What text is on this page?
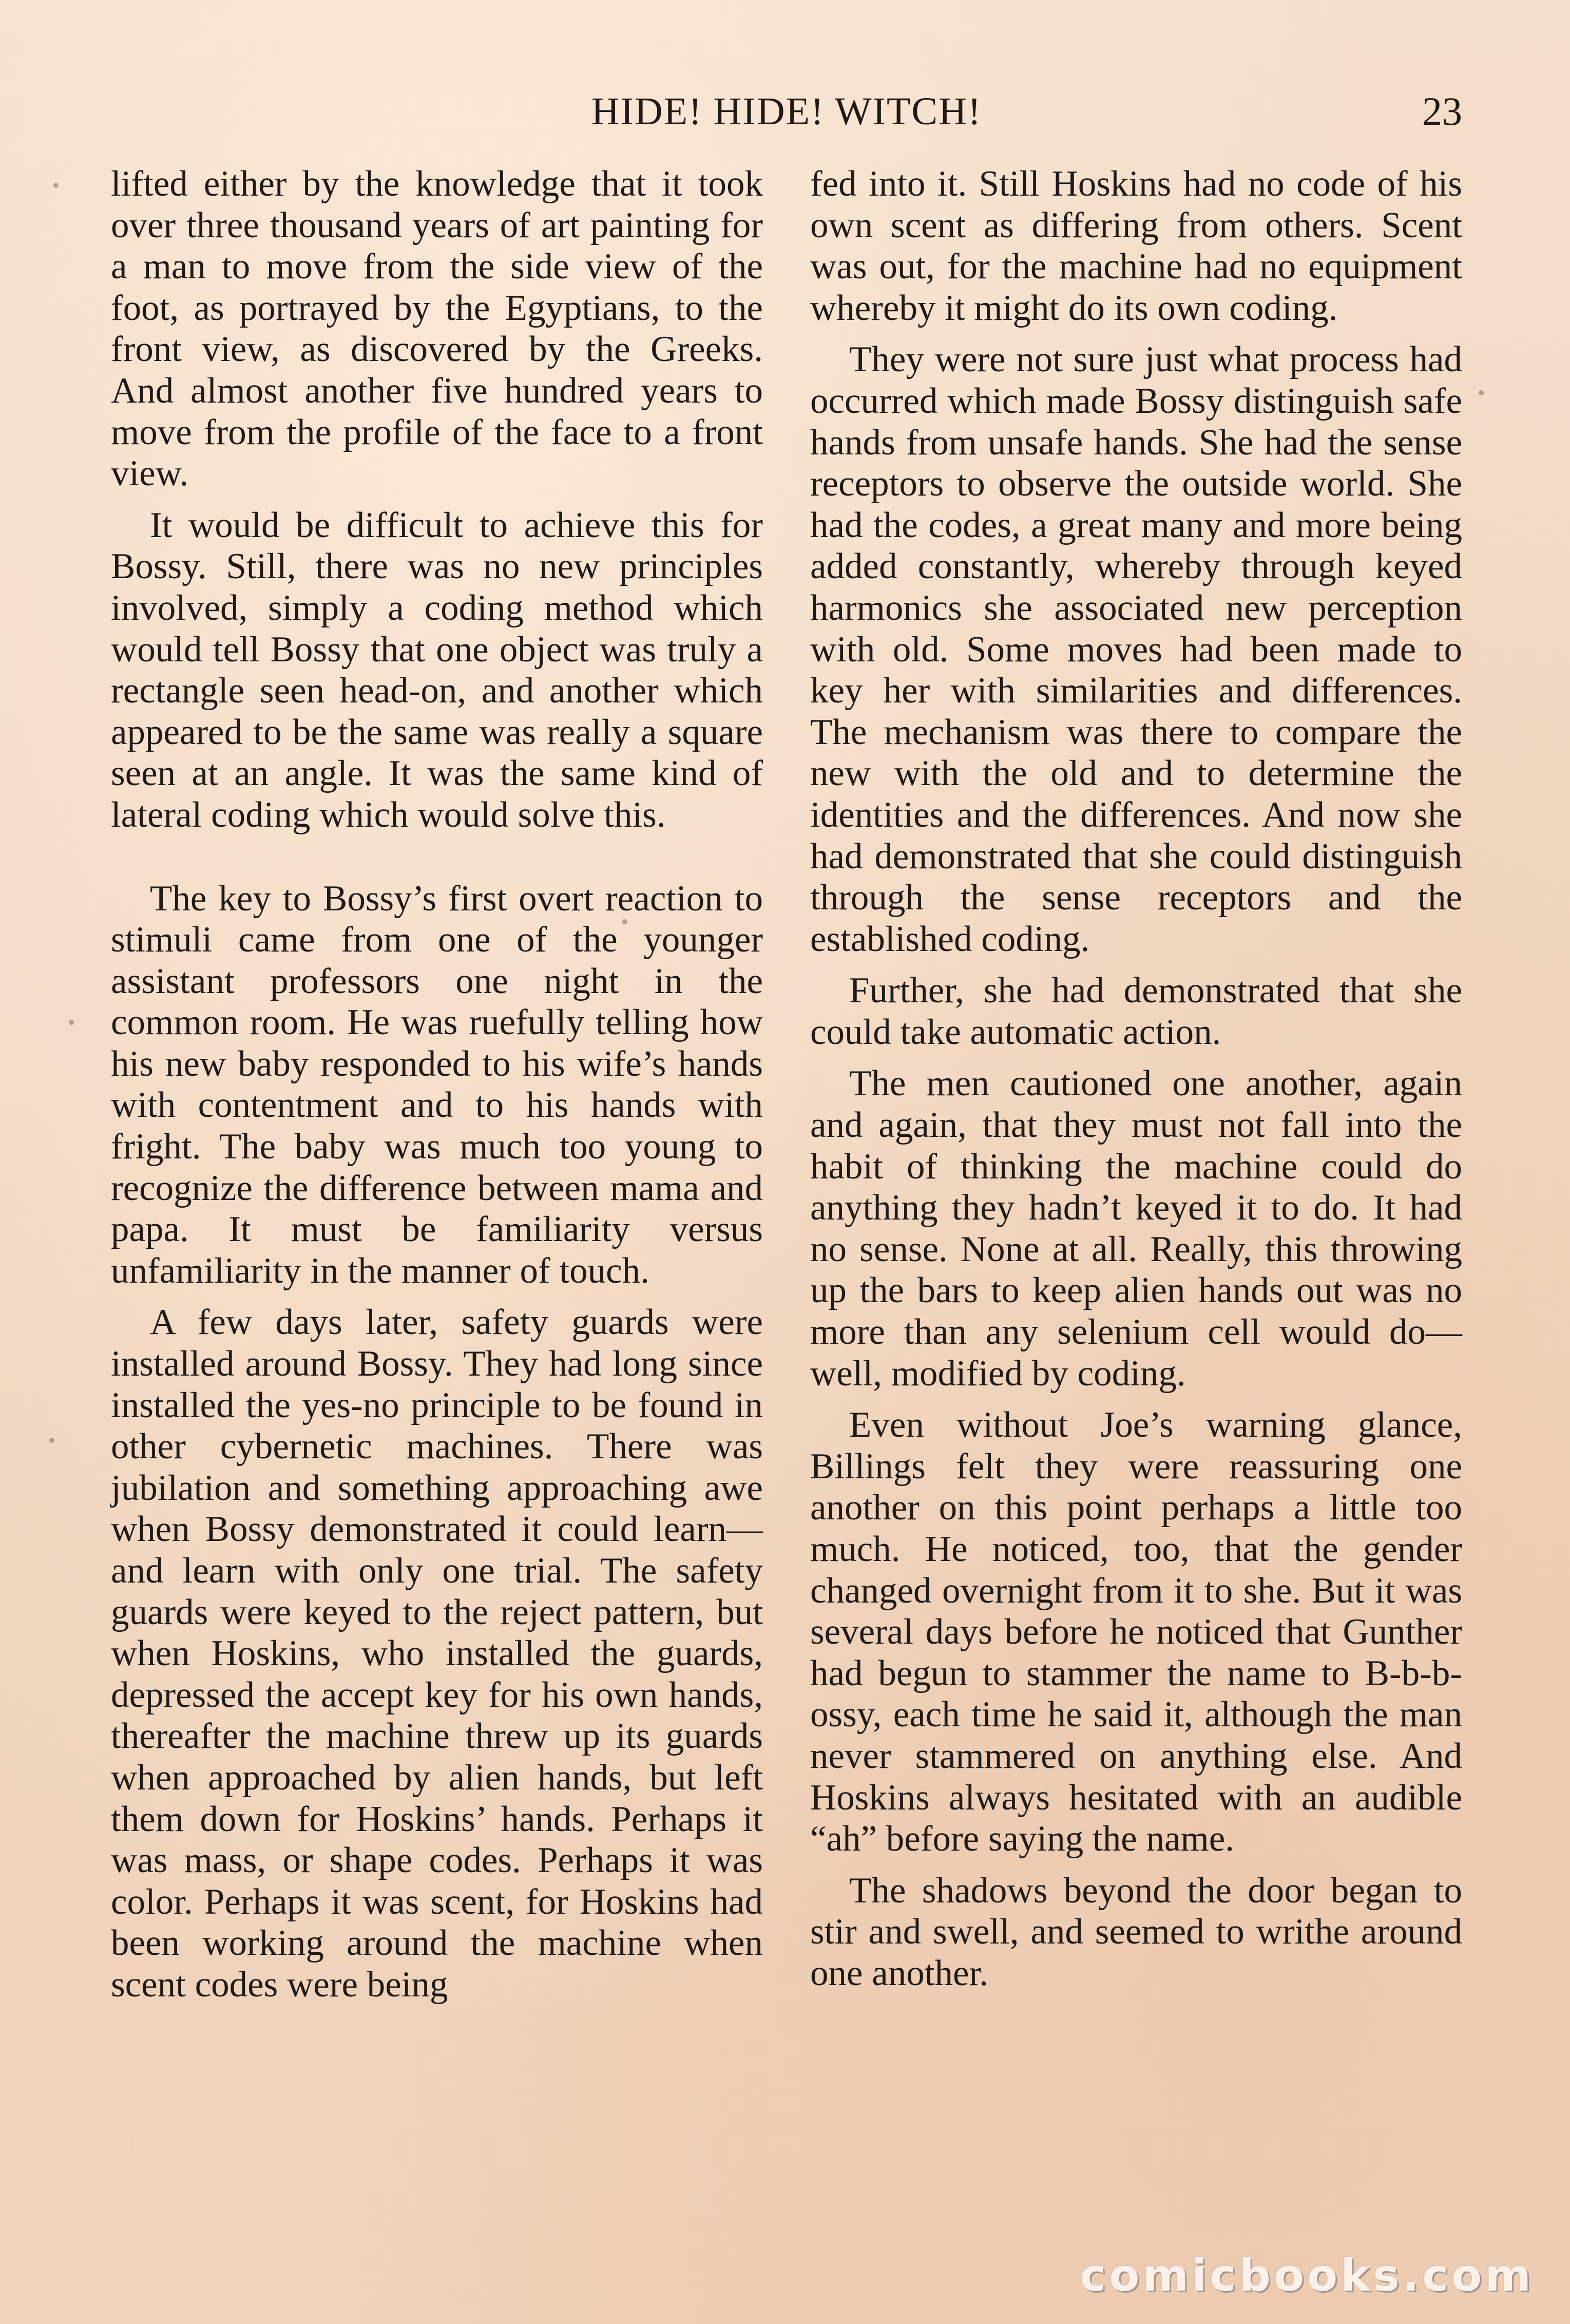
HIDE! HIDE! WITCH!	23

lifted either by the knowledge that it took over three thousand years of art painting for a man to move from the side view of the foot, as portrayed by the Egyptians, to the front view, as discovered by the Greeks. And almost another five hundred years to move from the profile of the face to a front view.

It would be difficult to achieve this for Bossy. Still, there was no new principles involved, simply a coding method which would tell Bossy that one object was truly a rectangle seen head-on, and another which appeared to be the same was really a square seen at an angle. It was the same kind of lateral coding which would solve this.

The key to Bossy’s first overt reaction to stimuli came from one of the younger assistant professors one night in the common room. He was ruefully telling how his new baby responded to his wife’s hands with contentment and to his hands with fright. The baby was much too young to recognize the difference between mama and papa. It must be familiarity versus unfamiliarity in the manner of touch.

A few days later, safety guards were installed around Bossy. They had long since installed the yes-no principle to be found in other cybernetic machines. There was jubilation and something approaching awe when Bossy demonstrated it could learn—and learn with only one trial. The safety guards were keyed to the reject pattern, but when Hoskins, who installed the guards, depressed the accept key for his own hands, thereafter the machine threw up its guards when approached by alien hands, but left them down for Hoskins’ hands. Perhaps it was mass, or shape codes. Perhaps it was color. Perhaps it was scent, for Hoskins had been working around the machine when scent codes were being

fed into it. Still Hoskins had no code of his own scent as differing from others. Scent was out, for the machine had no equipment whereby it might do its own coding.

They were not sure just what process had occurred which made Bossy distinguish safe hands from unsafe hands. She had the sense receptors to observe the outside world. She had the codes, a great many and more being added constantly, whereby through keyed harmonics she associated new perception with old. Some moves had been made to key her with similarities and differences. The mechanism was there to compare the new with the old and to determine the identities and the differences. And now she had demonstrated that she could distinguish through the sense receptors and the established coding.

Further, she had demonstrated that she could take automatic action.

The men cautioned one another, again and again, that they must not fall into the habit of thinking the machine could do anything they hadn’t keyed it to do. It had no sense. None at all. Really, this throwing up the bars to keep alien hands out was no more than any selenium cell would do—well, modified by coding.

Even without Joe’s warning glance, Billings felt they were reassuring one another on this point perhaps a little too much. He noticed, too, that the gender changed overnight from it to she. But it was several days before he noticed that Gunther had begun to stammer the name to B-b-b-ossy, each time he said it, although the man never stammered on anything else. And Hoskins always hesitated with an audible “ah” before saying the name.

The shadows beyond the door began to stir and swell, and seemed to writhe around one another.

comicbooks.com
